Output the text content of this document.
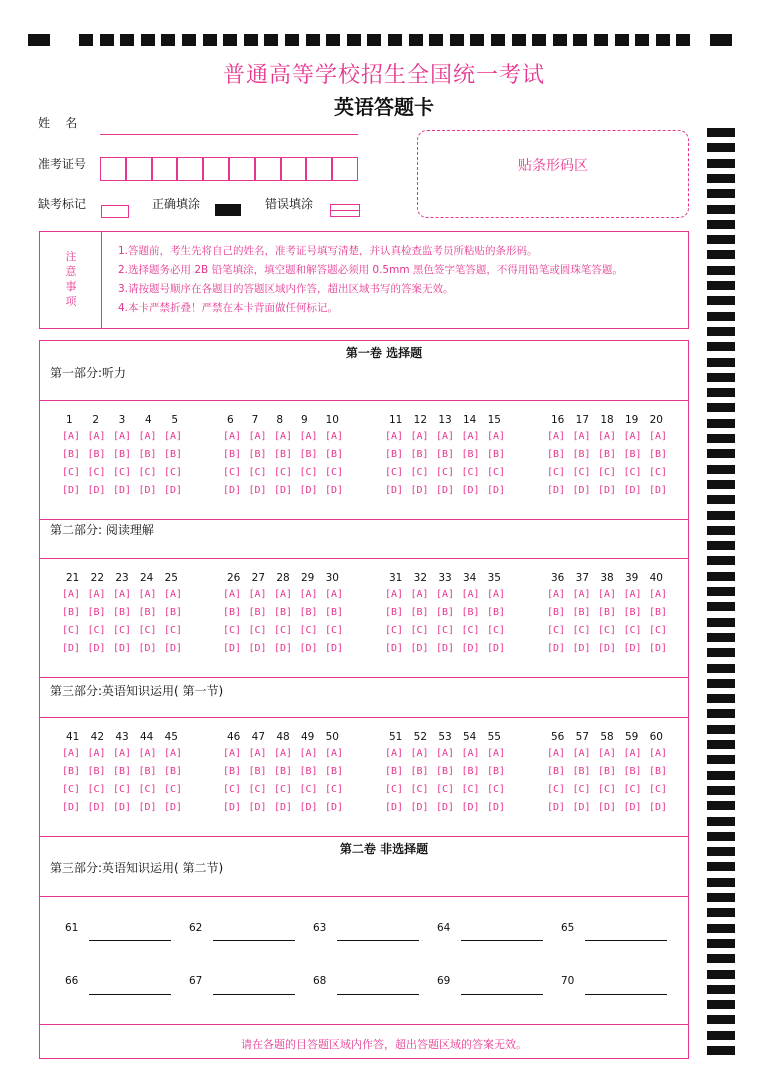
普通高等学校招生全国统一考试
英语答题卡
姓    名
准考证号
缺考标记	正确填涂	错误填涂
贴条形码区
注
意
事
项
1.答题前，考生先将自己的姓名，准考证号填写清楚，并认真检查监考员所粘贴的条形码。
2.选择题务必用 2B 铅笔填涂，填空题和解答题必须用 0.5mm 黑色签字笔答题，不得用铅笔或圆珠笔答题。
3.请按题号顺序在各题目的答题区域内作答，超出区域书写的答案无效。
4.本卡严禁折叠！严禁在本卡背面做任何标记。
第一卷 选择题
第一部分:听力
1 2 3 4 5
[A] [A] [A] [A] [A]
[B] [B] [B] [B] [B]
[C] [C] [C] [C] [C]
[D] [D] [D] [D] [D]
6 7 8 9 10
[A] [A] [A] [A] [A]
[B] [B] [B] [B] [B]
[C] [C] [C] [C] [C]
[D] [D] [D] [D] [D]
11 12 13 14 15
[A] [A] [A] [A] [A]
[B] [B] [B] [B] [B]
[C] [C] [C] [C] [C]
[D] [D] [D] [D] [D]
16 17 18 19 20
[A] [A] [A] [A] [A]
[B] [B] [B] [B] [B]
[C] [C] [C] [C] [C]
[D] [D] [D] [D] [D]
第二部分: 阅读理解
21 22 23 24 25
[A] [A] [A] [A] [A]
[B] [B] [B] [B] [B]
[C] [C] [C] [C] [C]
[D] [D] [D] [D] [D]
26 27 28 29 30
[A] [A] [A] [A] [A]
[B] [B] [B] [B] [B]
[C] [C] [C] [C] [C]
[D] [D] [D] [D] [D]
31 32 33 34 35
[A] [A] [A] [A] [A]
[B] [B] [B] [B] [B]
[C] [C] [C] [C] [C]
[D] [D] [D] [D] [D]
36 37 38 39 40
[A] [A] [A] [A] [A]
[B] [B] [B] [B] [B]
[C] [C] [C] [C] [C]
[D] [D] [D] [D] [D]
第三部分:英语知识运用( 第一节)
41 42 43 44 45
[A] [A] [A] [A] [A]
[B] [B] [B] [B] [B]
[C] [C] [C] [C] [C]
[D] [D] [D] [D] [D]
46 47 48 49 50
[A] [A] [A] [A] [A]
[B] [B] [B] [B] [B]
[C] [C] [C] [C] [C]
[D] [D] [D] [D] [D]
51 52 53 54 55
[A] [A] [A] [A] [A]
[B] [B] [B] [B] [B]
[C] [C] [C] [C] [C]
[D] [D] [D] [D] [D]
56 57 58 59 60
[A] [A] [A] [A] [A]
[B] [B] [B] [B] [B]
[C] [C] [C] [C] [C]
[D] [D] [D] [D] [D]
第二卷 非选择题
第三部分:英语知识运用( 第二节)
61	62	63	64	65
66	67	68	69	70
请在各题的目答题区域内作答，超出答题区域的答案无效。
